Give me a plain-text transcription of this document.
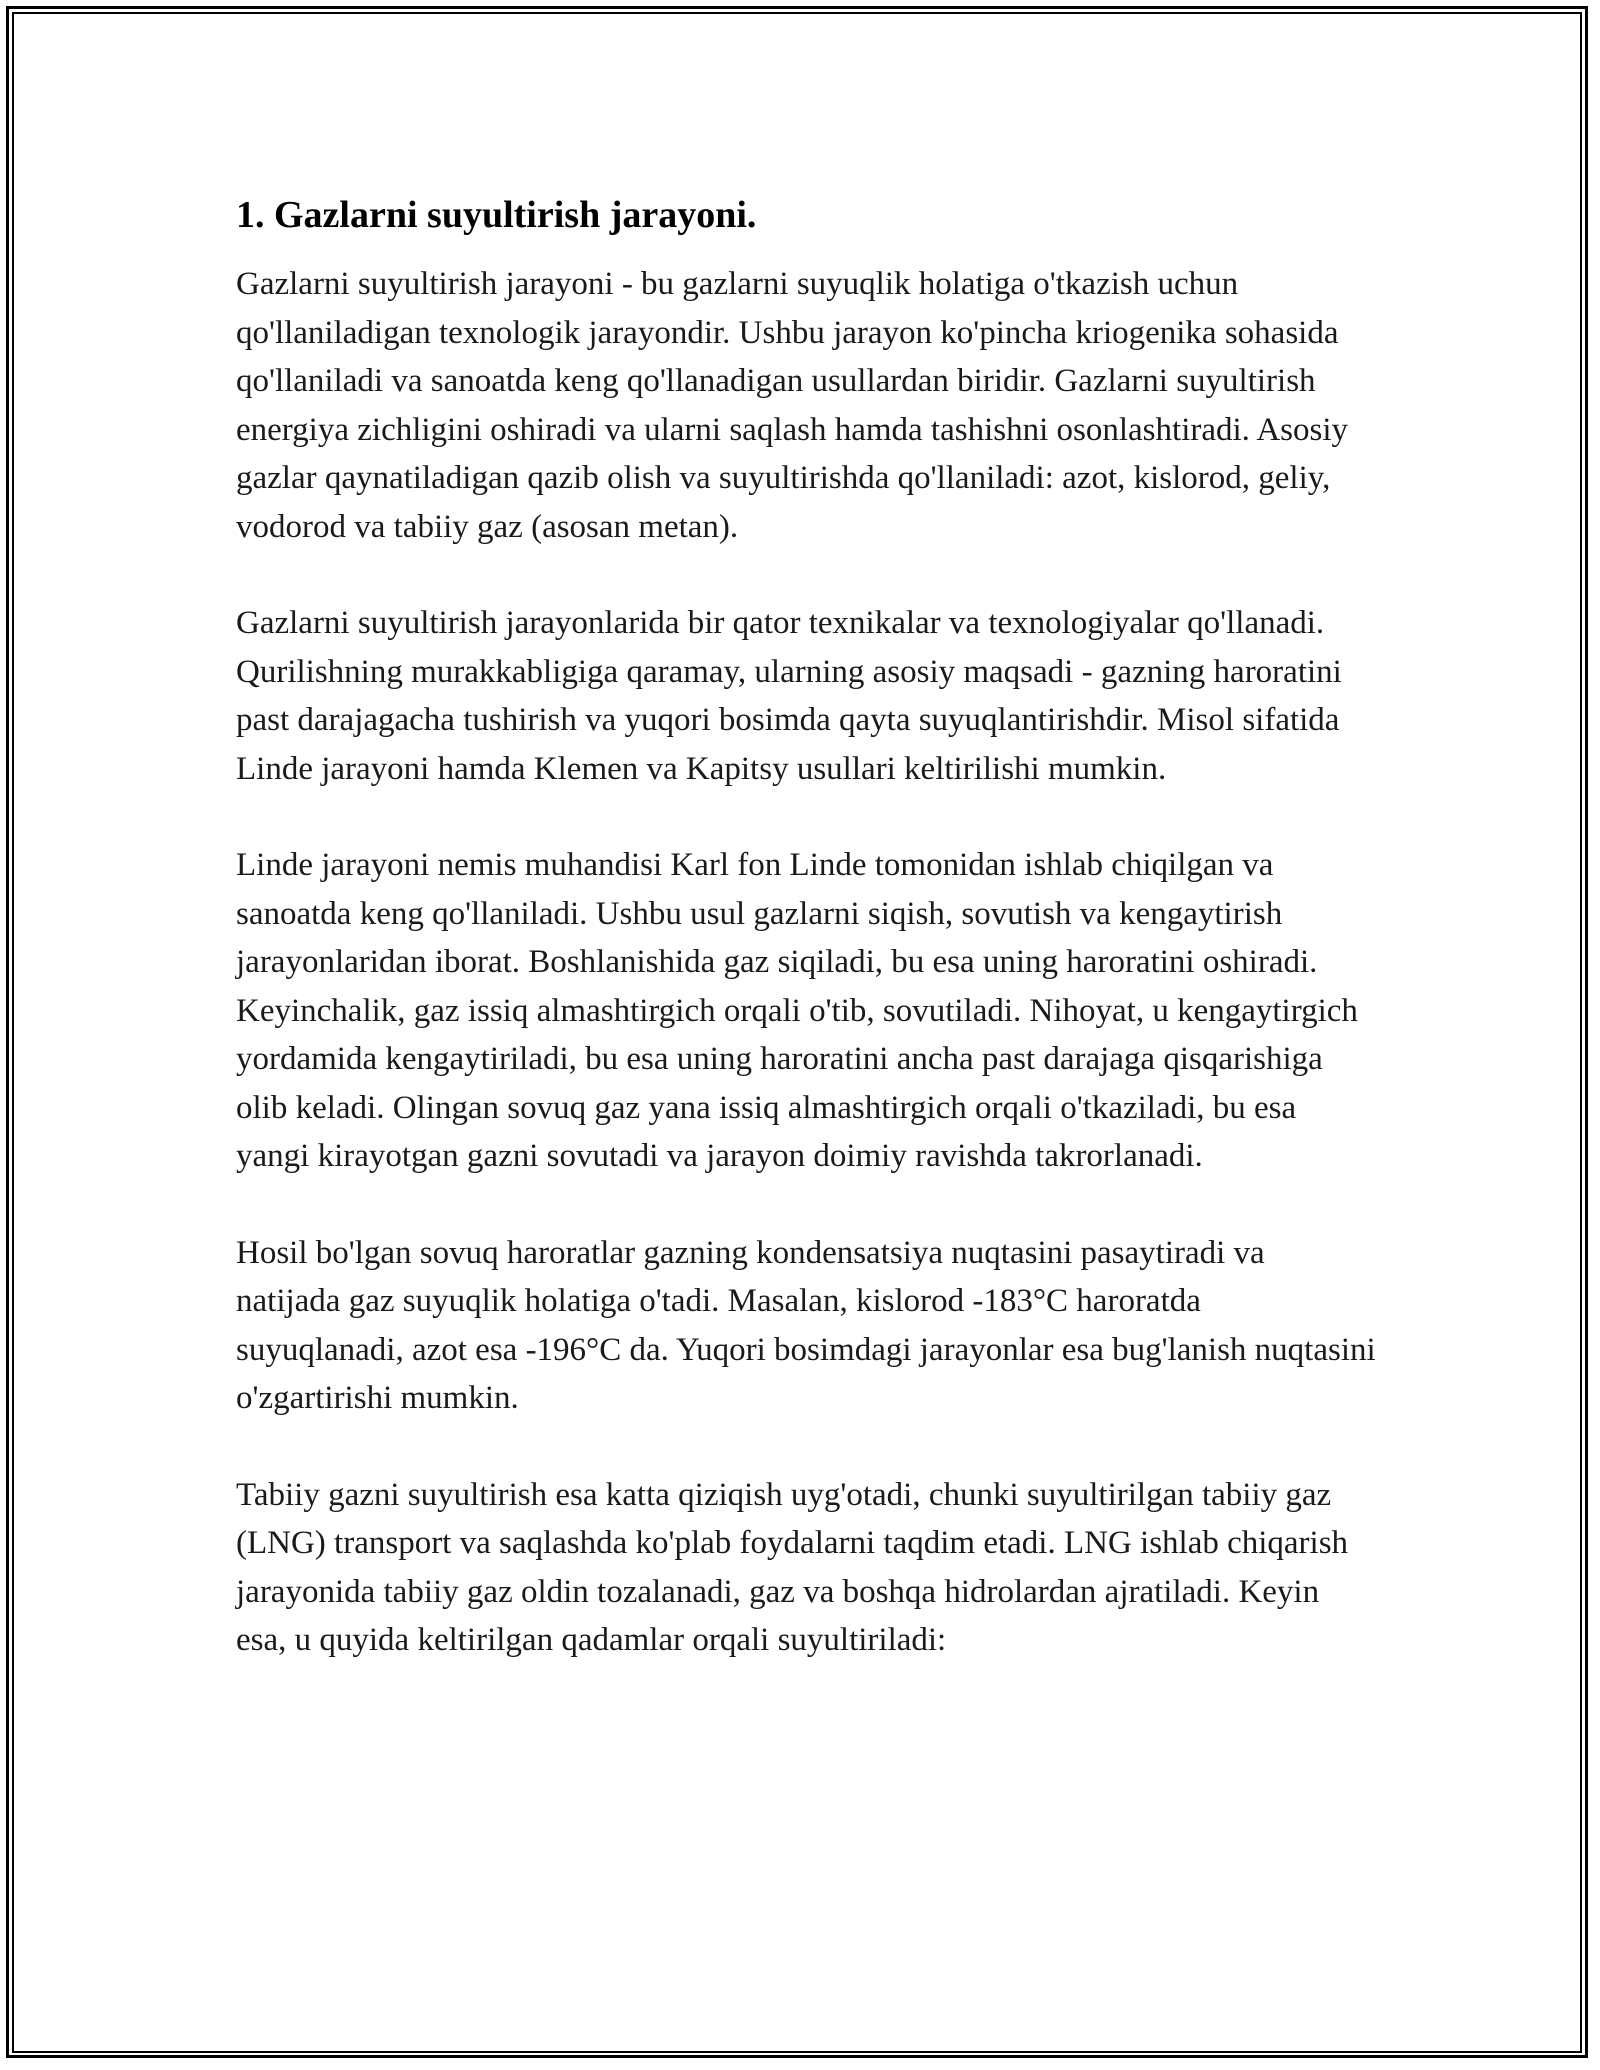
1. Gazlarni suyultirish jarayoni.

Gazlarni suyultirish jarayoni - bu gazlarni suyuqlik holatiga o'tkazish uchun qo'llaniladigan texnologik jarayondir. Ushbu jarayon ko'pincha kriogenika sohasida qo'llaniladi va sanoatda keng qo'llanadigan usullardan biridir. Gazlarni suyultirish energiya zichligini oshiradi va ularni saqlash hamda tashishni osonlashtiradi. Asosiy gazlar qaynatiladigan qazib olish va suyultirishda qo'llaniladi: azot, kislorod, geliy, vodorod va tabiiy gaz (asosan metan).

Gazlarni suyultirish jarayonlarida bir qator texnikalar va texnologiyalar qo'llanadi. Qurilishning murakkabligiga qaramay, ularning asosiy maqsadi - gazning haroratini past darajagacha tushirish va yuqori bosimda qayta suyuqlantirishdir. Misol sifatida Linde jarayoni hamda Klemen va Kapitsy usullari keltirilishi mumkin.

Linde jarayoni nemis muhandisi Karl fon Linde tomonidan ishlab chiqilgan va sanoatda keng qo'llaniladi. Ushbu usul gazlarni siqish, sovutish va kengaytirish jarayonlaridan iborat. Boshlanishida gaz siqiladi, bu esa uning haroratini oshiradi. Keyinchalik, gaz issiq almashtirgich orqali o'tib, sovutiladi. Nihoyat, u kengaytirgich yordamida kengaytiriladi, bu esa uning haroratini ancha past darajaga qisqarishiga olib keladi. Olingan sovuq gaz yana issiq almashtirgich orqali o'tkaziladi, bu esa yangi kirayotgan gazni sovutadi va jarayon doimiy ravishda takrorlanadi.

Hosil bo'lgan sovuq haroratlar gazning kondensatsiya nuqtasini pasaytiradi va natijada gaz suyuqlik holatiga o'tadi. Masalan, kislorod -183°C haroratda suyuqlanadi, azot esa -196°C da. Yuqori bosimdagi jarayonlar esa bug'lanish nuqtasini o'zgartirishi mumkin.

Tabiiy gazni suyultirish esa katta qiziqish uyg'otadi, chunki suyultirilgan tabiiy gaz (LNG) transport va saqlashda ko'plab foydalarni taqdim etadi. LNG ishlab chiqarish jarayonida tabiiy gaz oldin tozalanadi, gaz va boshqa hidrolardan ajratiladi. Keyin esa, u quyida keltirilgan qadamlar orqali suyultiriladi:
